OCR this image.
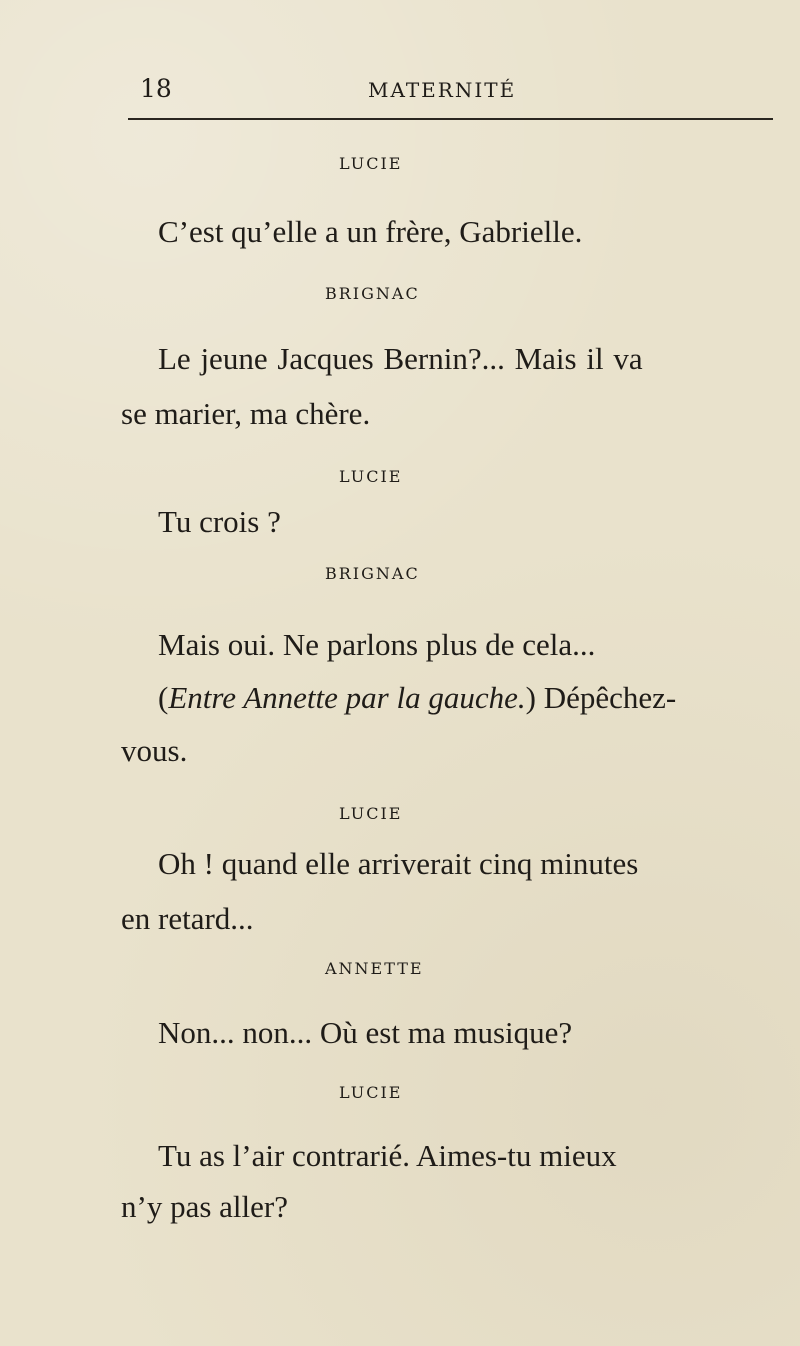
18	MATERNITÉ
LUCIE
C’est qu’elle a un frère, Gabrielle.
BRIGNAC
Le jeune Jacques Bernin?... Mais il va
se marier, ma chère.
LUCIE
Tu crois ?
BRIGNAC
Mais oui. Ne parlons plus de cela...
(Entre Annette par la gauche.) Dépêchez-
vous.
LUCIE
Oh ! quand elle arriverait cinq minutes
en retard...
ANNETTE
Non... non... Où est ma musique?
LUCIE
Tu as l’air contrarié. Aimes-tu mieux
n’y pas aller?
